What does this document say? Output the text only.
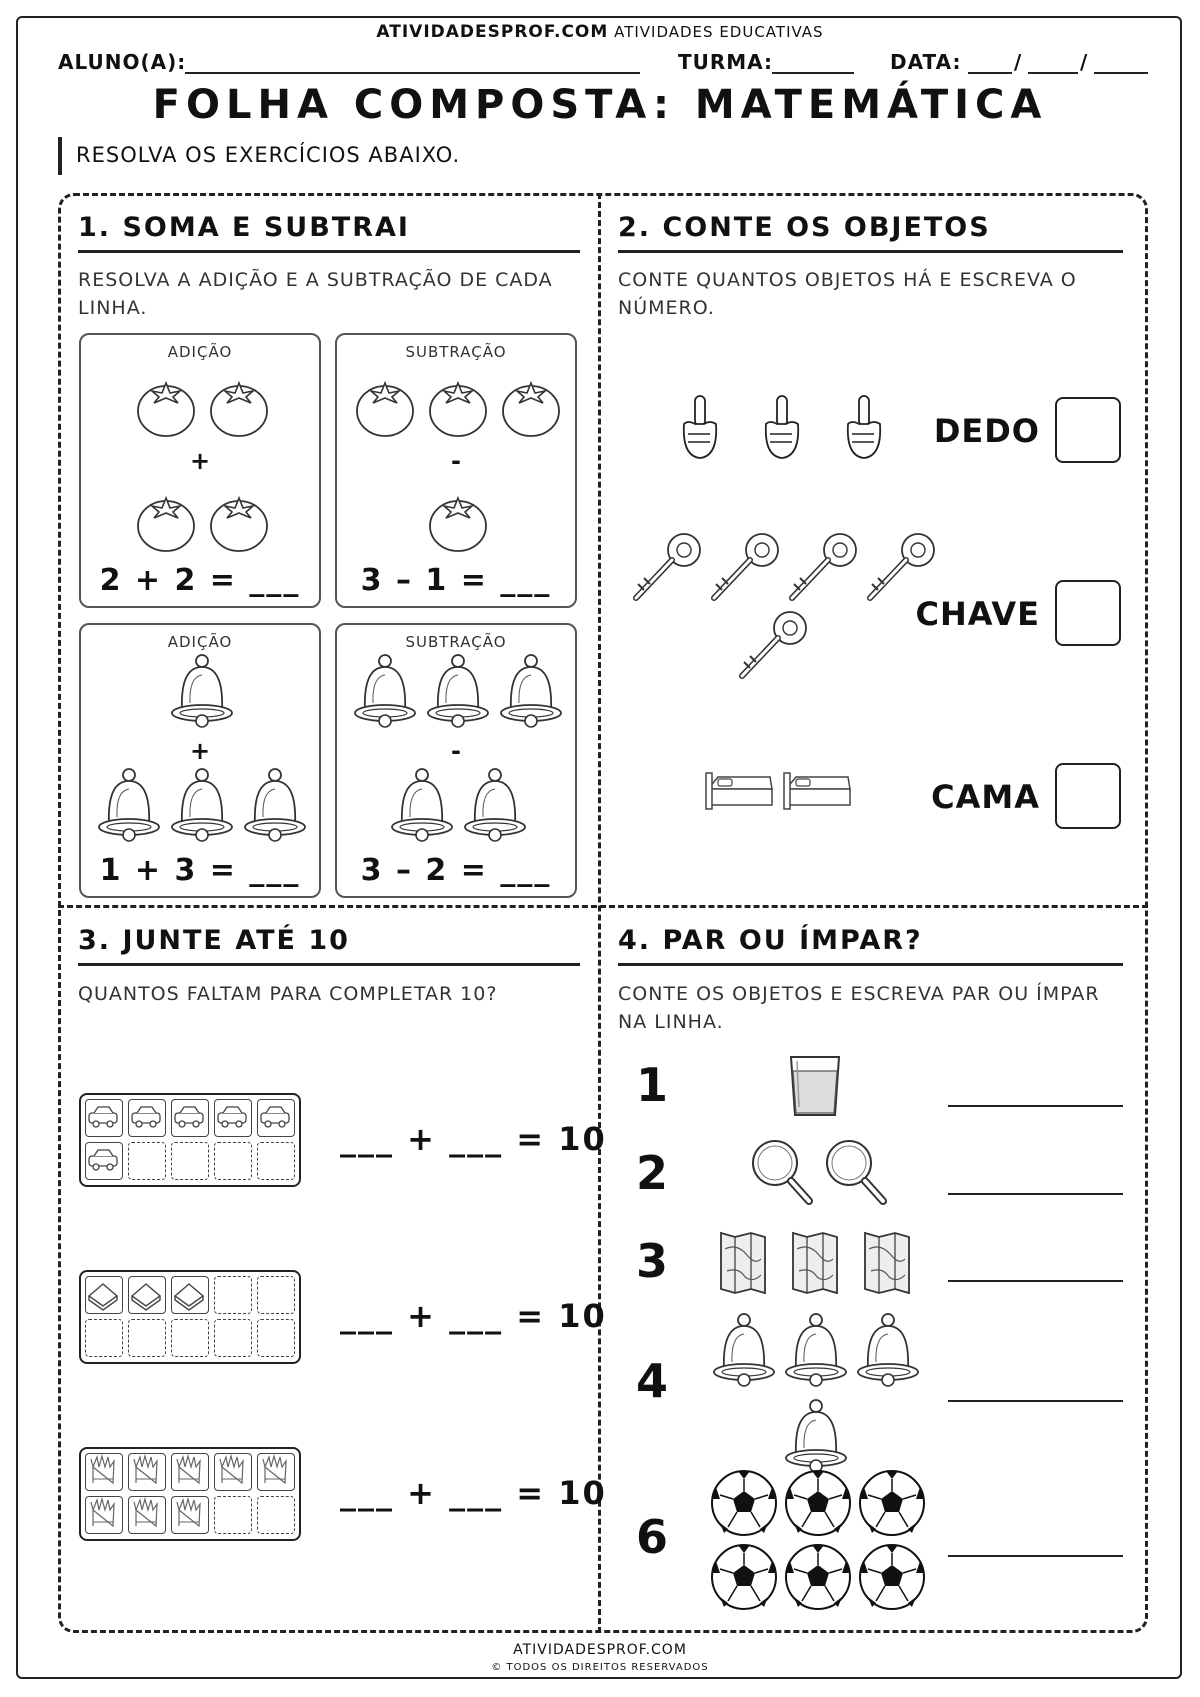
ATIVIDADESPROF.COM ATIVIDADES EDUCATIVAS
ALUNO(A):	TURMA:	DATA:	/	/
FOLHA COMPOSTA: MATEMÁTICA
RESOLVA OS EXERCÍCIOS ABAIXO.
1. SOMA E SUBTRAI
RESOLVA A ADIÇÃO E A SUBTRAÇÃO DE CADA LINHA.
ADIÇÃO
+
2 + 2 = ___
SUBTRAÇÃO
-
3 – 1 = ___
ADIÇÃO
+
1 + 3 = ___
SUBTRAÇÃO
-
3 – 2 = ___
2. CONTE OS OBJETOS
CONTE QUANTOS OBJETOS HÁ E ESCREVA O NÚMERO.
DEDO
CHAVE
CAMA
3. JUNTE ATÉ 10
QUANTOS FALTAM PARA COMPLETAR 10?
___ + ___ = 10
___ + ___ = 10
___ + ___ = 10
4. PAR OU ÍMPAR?
CONTE OS OBJETOS E ESCREVA PAR OU ÍMPAR NA LINHA.
1
2
3
4
6
ATIVIDADESPROF.COM
© TODOS OS DIREITOS RESERVADOS
